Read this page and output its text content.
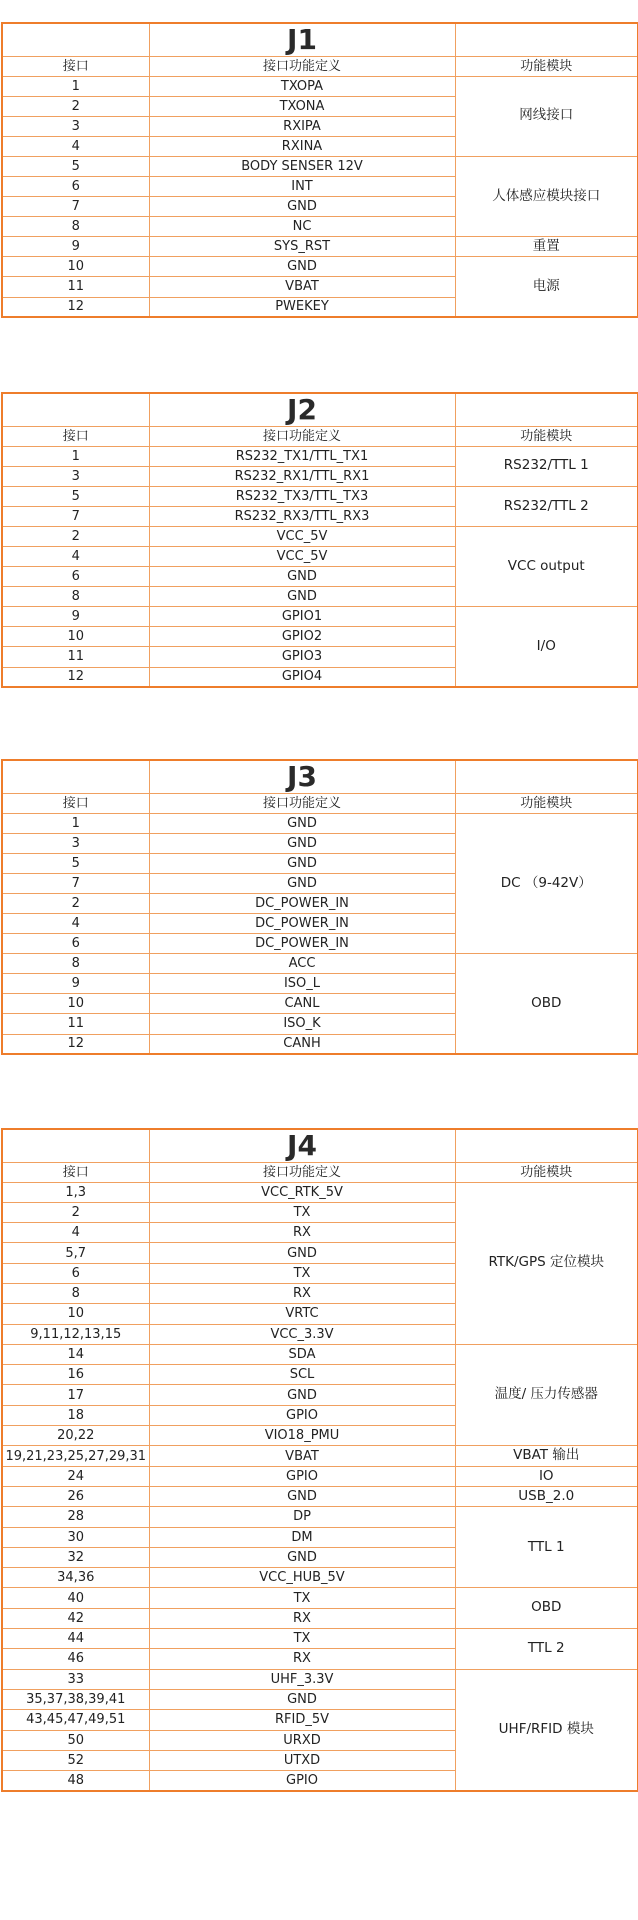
	J1	
接口	接口功能定义	功能模块
1	TXOPA	网线接口
2	TXONA	
3	RXIPA	
4	RXINA	
5	BODY SENSER 12V	人体感应模块接口
6	INT	
7	GND	
8	NC	
9	SYS_RST	重置
10	GND	电源
11	VBAT	
12	PWEKEY	
	J2	
接口	接口功能定义	功能模块
1	RS232_TX1/TTL_TX1	RS232/TTL 1
3	RS232_RX1/TTL_RX1	
5	RS232_TX3/TTL_TX3	RS232/TTL 2
7	RS232_RX3/TTL_RX3	
2	VCC_5V	VCC output
4	VCC_5V	
6	GND	
8	GND	
9	GPIO1	I/O
10	GPIO2	
11	GPIO3	
12	GPIO4	
	J3	
接口	接口功能定义	功能模块
1	GND	DC （9-42V）
3	GND	
5	GND	
7	GND	
2	DC_POWER_IN	
4	DC_POWER_IN	
6	DC_POWER_IN	
8	ACC	OBD
9	ISO_L	
10	CANL	
11	ISO_K	
12	CANH	
	J4	
接口	接口功能定义	功能模块
1,3	VCC_RTK_5V	RTK/GPS 定位模块
2	TX	
4	RX	
5,7	GND	
6	TX	
8	RX	
10	VRTC	
9,11,12,13,15	VCC_3.3V	
14	SDA	温度/ 压力传感器
16	SCL	
17	GND	
18	GPIO	
20,22	VIO18_PMU	
19,21,23,25,27,29,31	VBAT	VBAT 输出
24	GPIO	IO
26	GND	USB_2.0
28	DP	TTL 1
30	DM	
32	GND	
34,36	VCC_HUB_5V	
40	TX	OBD
42	RX	
44	TX	TTL 2
46	RX	
33	UHF_3.3V	UHF/RFID 模块
35,37,38,39,41	GND	
43,45,47,49,51	RFID_5V	
50	URXD	
52	UTXD	
48	GPIO	
